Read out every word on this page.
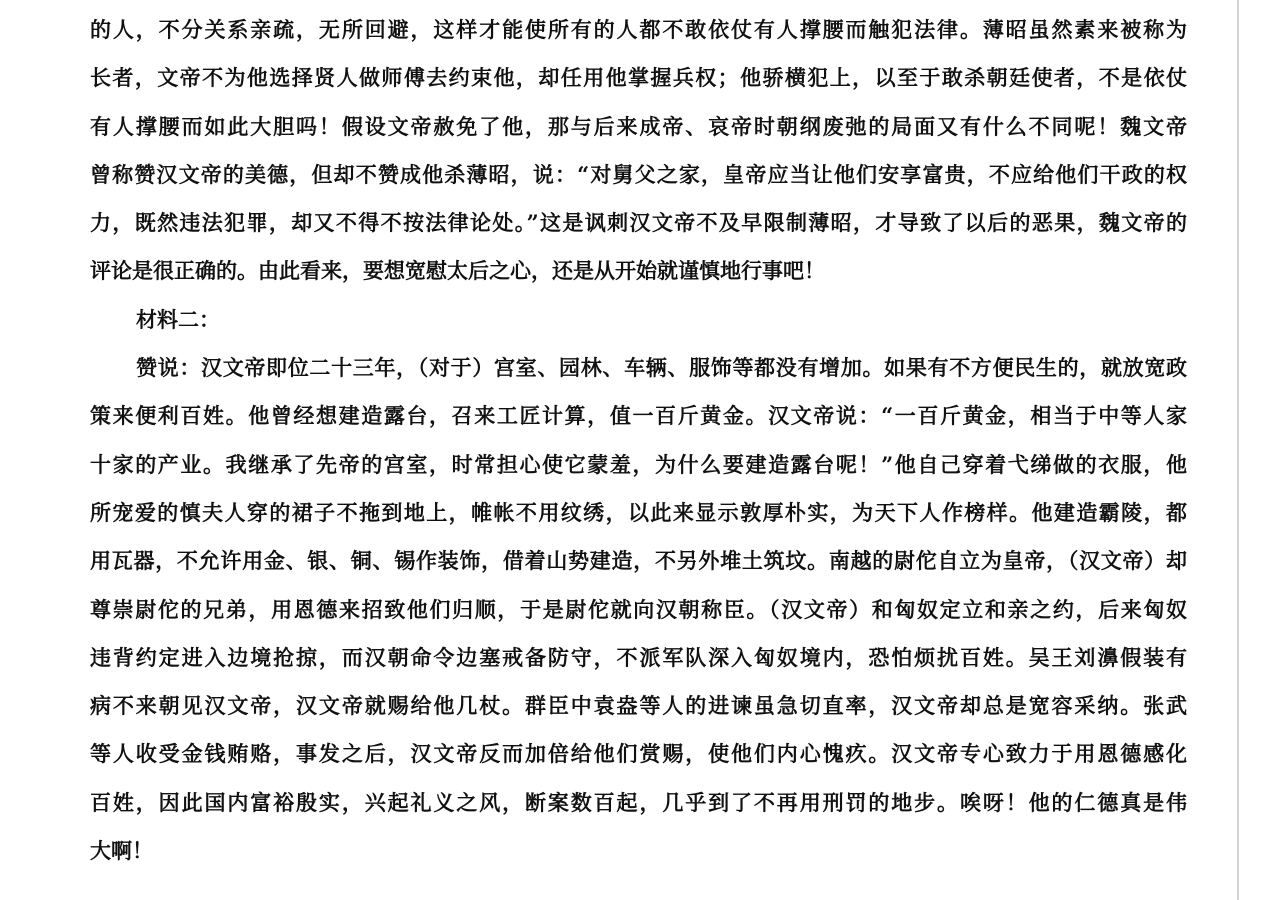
的人，不分关系亲疏，无所回避，这样才能使所有的人都不敢依仗有人撑腰而触犯法律。薄昭虽然素来被称为
长者，文帝不为他选择贤人做师傅去约束他，却任用他掌握兵权；他骄横犯上，以至于敢杀朝廷使者，不是依仗
有人撑腰而如此大胆吗！假设文帝赦免了他，那与后来成帝、哀帝时朝纲废弛的局面又有什么不同呢！魏文帝
曾称赞汉文帝的美德，但却不赞成他杀薄昭，说：“对舅父之家，皇帝应当让他们安享富贵，不应给他们干政的权
力，既然违法犯罪，却又不得不按法律论处。”这是讽刺汉文帝不及早限制薄昭，才导致了以后的恶果，魏文帝的
评论是很正确的。由此看来，要想宽慰太后之心，还是从开始就谨慎地行事吧！
材料二：
赞说：汉文帝即位二十三年，（对于）宫室、园林、车辆、服饰等都没有增加。如果有不方便民生的，就放宽政
策来便利百姓。他曾经想建造露台，召来工匠计算，值一百斤黄金。汉文帝说：“一百斤黄金，相当于中等人家
十家的产业。我继承了先帝的宫室，时常担心使它蒙羞，为什么要建造露台呢！”他自己穿着弋绨做的衣服，他
所宠爱的慎夫人穿的裙子不拖到地上，帷帐不用纹绣，以此来显示敦厚朴实，为天下人作榜样。他建造霸陵，都
用瓦器，不允许用金、银、铜、锡作装饰，借着山势建造，不另外堆土筑坟。南越的尉佗自立为皇帝，（汉文帝）却
尊崇尉佗的兄弟，用恩德来招致他们归顺，于是尉佗就向汉朝称臣。（汉文帝）和匈奴定立和亲之约，后来匈奴
违背约定进入边境抢掠，而汉朝命令边塞戒备防守，不派军队深入匈奴境内，恐怕烦扰百姓。吴王刘濞假装有
病不来朝见汉文帝，汉文帝就赐给他几杖。群臣中袁盎等人的进谏虽急切直率，汉文帝却总是宽容采纳。张武
等人收受金钱贿赂，事发之后，汉文帝反而加倍给他们赏赐，使他们内心愧疚。汉文帝专心致力于用恩德感化
百姓，因此国内富裕殷实，兴起礼义之风，断案数百起，几乎到了不再用刑罚的地步。唉呀！他的仁德真是伟
大啊！
